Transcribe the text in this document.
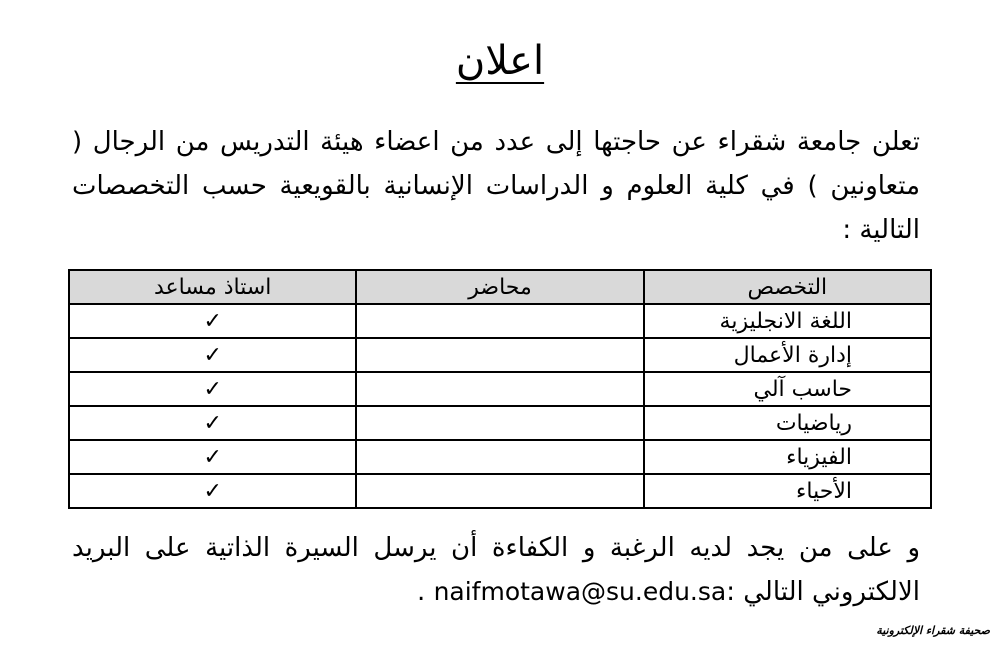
اعلان
تعلن جامعة شقراء عن حاجتها إلى عدد من اعضاء هيئة التدريس من الرجال ( متعاونين ) في كلية العلوم و الدراسات الإنسانية بالقويعية حسب التخصصات التالية :
التخصص	محاضر	استاذ مساعد
اللغة الانجليزية		✓
إدارة الأعمال		✓
حاسب آلي		✓
رياضيات		✓
الفيزياء		✓
الأحياء		✓
و على من يجد لديه الرغبة و الكفاءة أن يرسل السيرة الذاتية على البريد
الالكتروني التالي :naifmotawa@su.edu.sa .
صحيفة شقراء الإلكترونية
